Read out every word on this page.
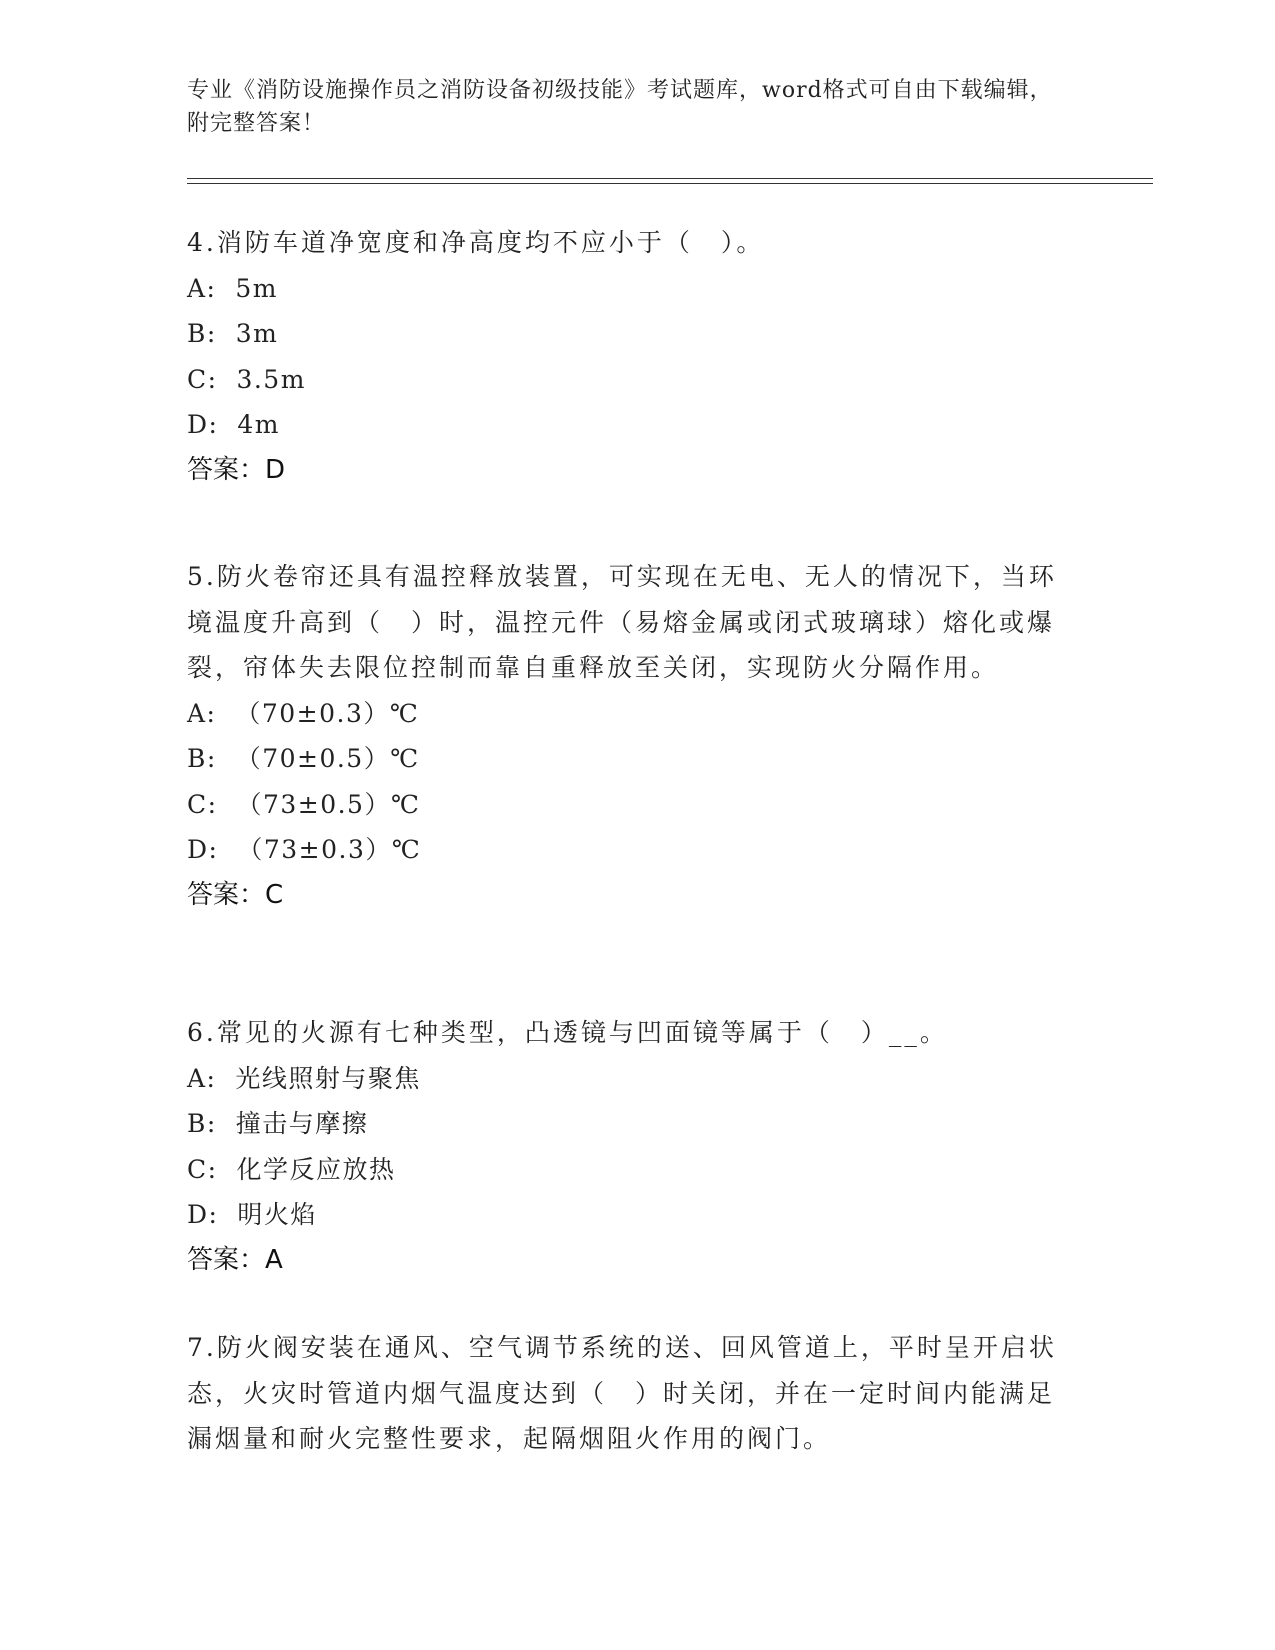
专业《消防设施操作员之消防设备初级技能》考试题库，word格式可自由下载编辑，附完整答案！

4.消防车道净宽度和净高度均不应小于（　）。

A:  5m

B:  3m

C:  3.5m

D:  4m

答案：D

5.防火卷帘还具有温控释放装置，可实现在无电、无人的情况下，当环境温度升高到（　）时，温控元件（易熔金属或闭式玻璃球）熔化或爆裂，帘体失去限位控制而靠自重释放至关闭，实现防火分隔作用。

A:  （70±0.3）℃

B:  （70±0.5）℃

C:  （73±0.5）℃

D:  （73±0.3）℃

答案：C

6.常见的火源有七种类型，凸透镜与凹面镜等属于（　）__。

A:  光线照射与聚焦

B:  撞击与摩擦

C:  化学反应放热

D:  明火焰

答案：A

7.防火阀安装在通风、空气调节系统的送、回风管道上，平时呈开启状态，火灾时管道内烟气温度达到（　）时关闭，并在一定时间内能满足漏烟量和耐火完整性要求，起隔烟阻火作用的阀门。
